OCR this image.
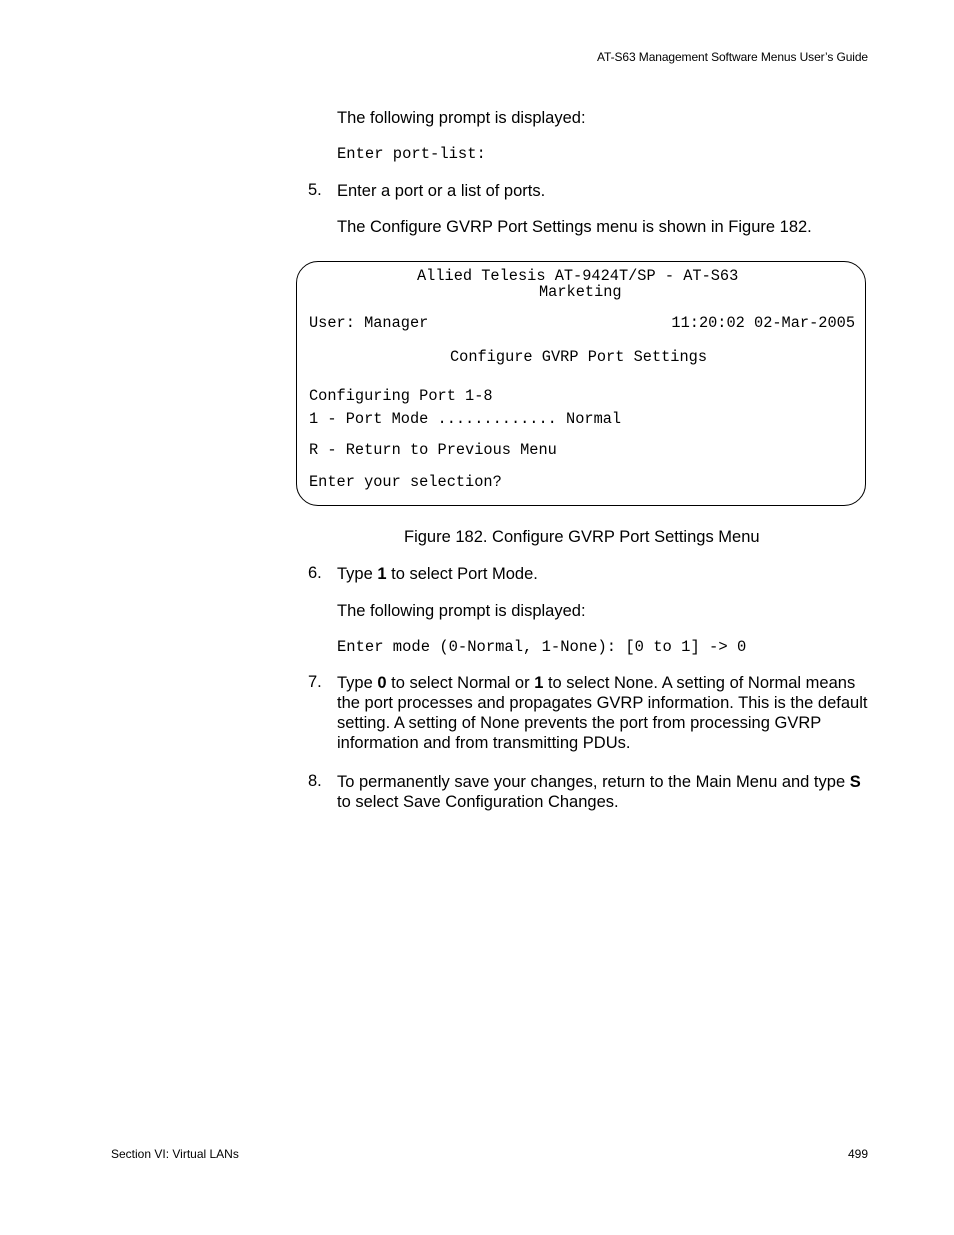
AT-S63 Management Software Menus User’s Guide
The following prompt is displayed:
Enter port-list:
5. Enter a port or a list of ports.
The Configure GVRP Port Settings menu is shown in Figure 182.
Allied Telesis AT-9424T/SP - AT-S63
Marketing
User: Manager	11:20:02 02-Mar-2005
Configure GVRP Port Settings
Configuring Port 1-8
1 - Port Mode ............. Normal
R - Return to Previous Menu
Enter your selection?
Figure 182. Configure GVRP Port Settings Menu
6. Type 1 to select Port Mode.
The following prompt is displayed:
Enter mode (0-Normal, 1-None): [0 to 1] -> 0
7. Type 0 to select Normal or 1 to select None. A setting of Normal means the port processes and propagates GVRP information. This is the default setting. A setting of None prevents the port from processing GVRP information and from transmitting PDUs.
8. To permanently save your changes, return to the Main Menu and type S to select Save Configuration Changes.
Section VI: Virtual LANs	499
